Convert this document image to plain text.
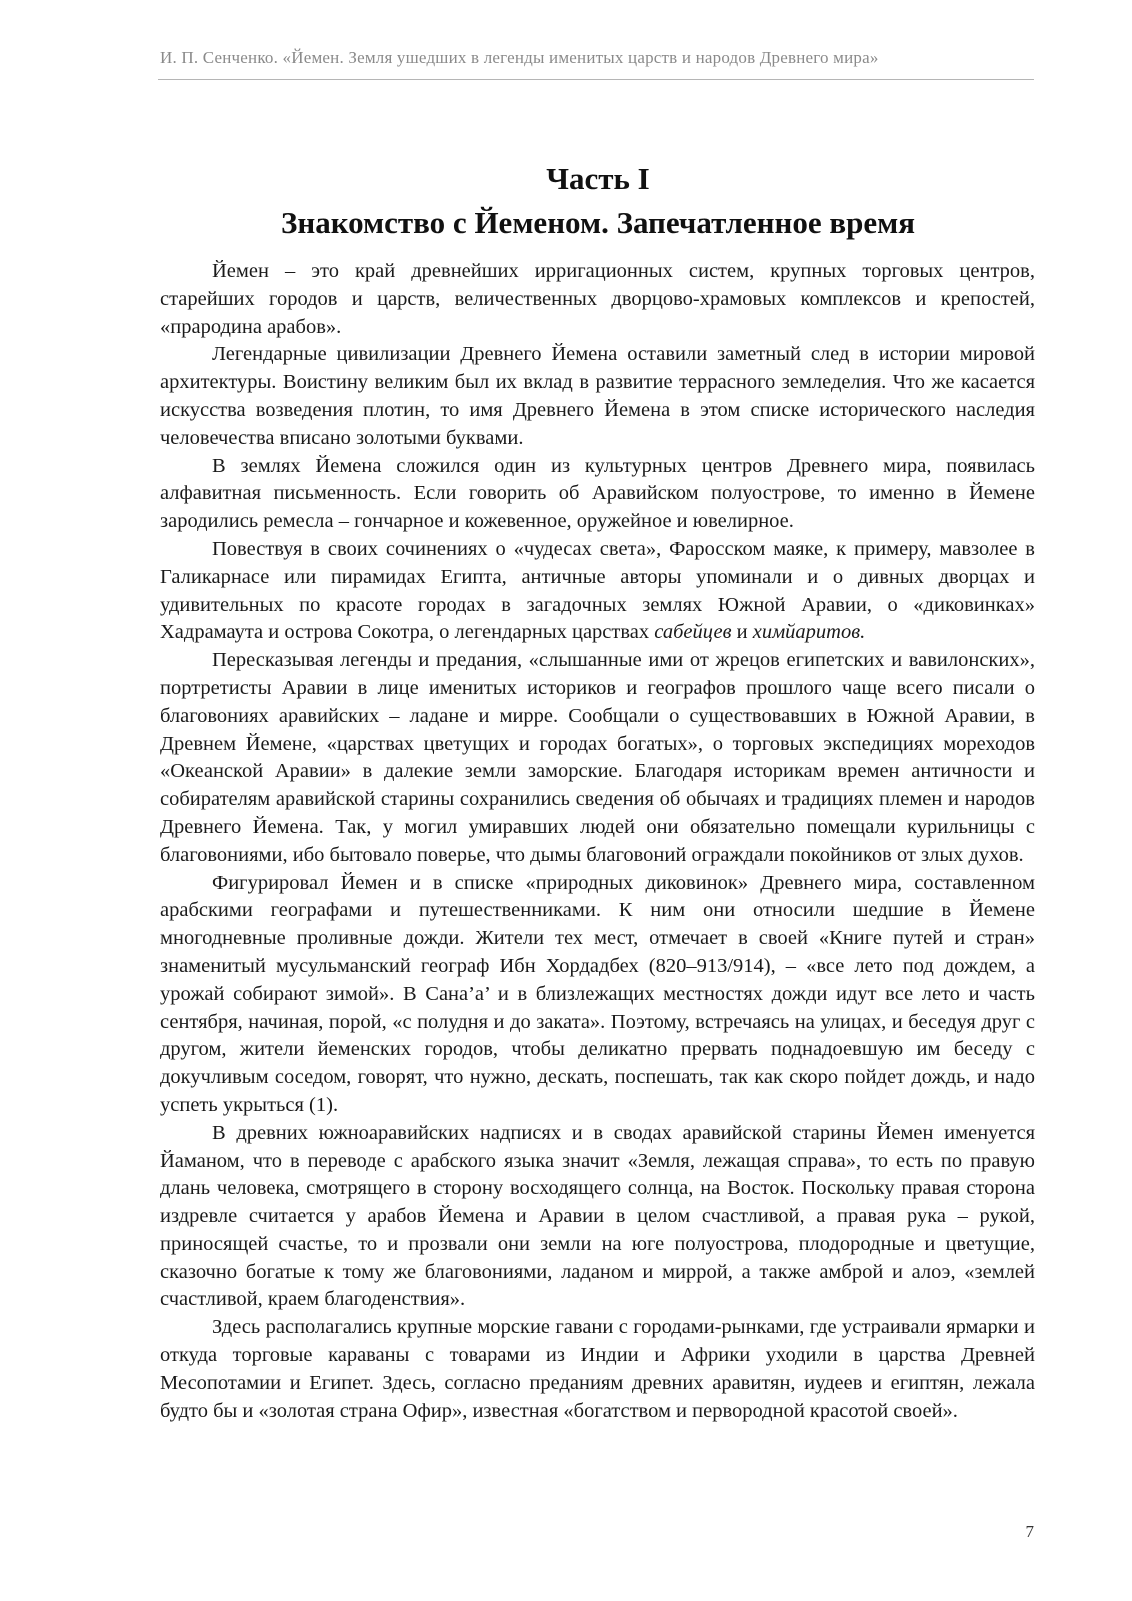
И. П. Сенченко. «Йемен. Земля ушедших в легенды именитых царств и народов Древнего мира»
Часть I
Знакомство с Йеменом. Запечатленное время

Йемен – это край древнейших ирригационных систем, крупных торговых центров, старейших городов и царств, величественных дворцово-храмовых комплексов и крепостей, «прародина арабов».

Легендарные цивилизации Древнего Йемена оставили заметный след в истории мировой архитектуры. Воистину великим был их вклад в развитие террасного земледелия. Что же касается искусства возведения плотин, то имя Древнего Йемена в этом списке исторического наследия человечества вписано золотыми буквами.

В землях Йемена сложился один из культурных центров Древнего мира, появилась алфавитная письменность. Если говорить об Аравийском полуострове, то именно в Йемене зародились ремесла – гончарное и кожевенное, оружейное и ювелирное.

Повествуя в своих сочинениях о «чудесах света», Фаросском маяке, к примеру, мавзолее в Галикарнасе или пирамидах Египта, античные авторы упоминали и о дивных дворцах и удивительных по красоте городах в загадочных землях Южной Аравии, о «диковинках» Хадрамаута и острова Сокотра, о легендарных царствах сабейцев и химйаритов.

Пересказывая легенды и предания, «слышанные ими от жрецов египетских и вавилонских», портретисты Аравии в лице именитых историков и географов прошлого чаще всего писали о благовониях аравийских – ладане и мирре. Сообщали о существовавших в Южной Аравии, в Древнем Йемене, «царствах цветущих и городах богатых», о торговых экспедициях мореходов «Океанской Аравии» в далекие земли заморские. Благодаря историкам времен античности и собирателям аравийской старины сохранились сведения об обычаях и традициях племен и народов Древнего Йемена. Так, у могил умиравших людей они обязательно помещали курильницы с благовониями, ибо бытовало поверье, что дымы благовоний ограждали покойников от злых духов.

Фигурировал Йемен и в списке «природных диковинок» Древнего мира, составленном арабскими географами и путешественниками. К ним они относили шедшие в Йемене многодневные проливные дожди. Жители тех мест, отмечает в своей «Книге путей и стран» знаменитый мусульманский географ Ибн Хордадбех (820–913/914), – «все лето под дождем, а урожай собирают зимой». В Сана’а’ и в близлежащих местностях дожди идут все лето и часть сентября, начиная, порой, «с полудня и до заката». Поэтому, встречаясь на улицах, и беседуя друг с другом, жители йеменских городов, чтобы деликатно прервать поднадоевшую им беседу с докучливым соседом, говорят, что нужно, дескать, поспешать, так как скоро пойдет дождь, и надо успеть укрыться (1).

В древних южноаравийских надписях и в сводах аравийской старины Йемен именуется Йаманом, что в переводе с арабского языка значит «Земля, лежащая справа», то есть по правую длань человека, смотрящего в сторону восходящего солнца, на Восток. Поскольку правая сторона издревле считается у арабов Йемена и Аравии в целом счастливой, а правая рука – рукой, приносящей счастье, то и прозвали они земли на юге полуострова, плодородные и цветущие, сказочно богатые к тому же благовониями, ладаном и миррой, а также амброй и алоэ, «землей счастливой, краем благоденствия».

Здесь располагались крупные морские гавани с городами-рынками, где устраивали ярмарки и откуда торговые караваны с товарами из Индии и Африки уходили в царства Древней Месопотамии и Египет. Здесь, согласно преданиям древних аравитян, иудеев и египтян, лежала будто бы и «золотая страна Офир», известная «богатством и первородной красотой своей».

7
